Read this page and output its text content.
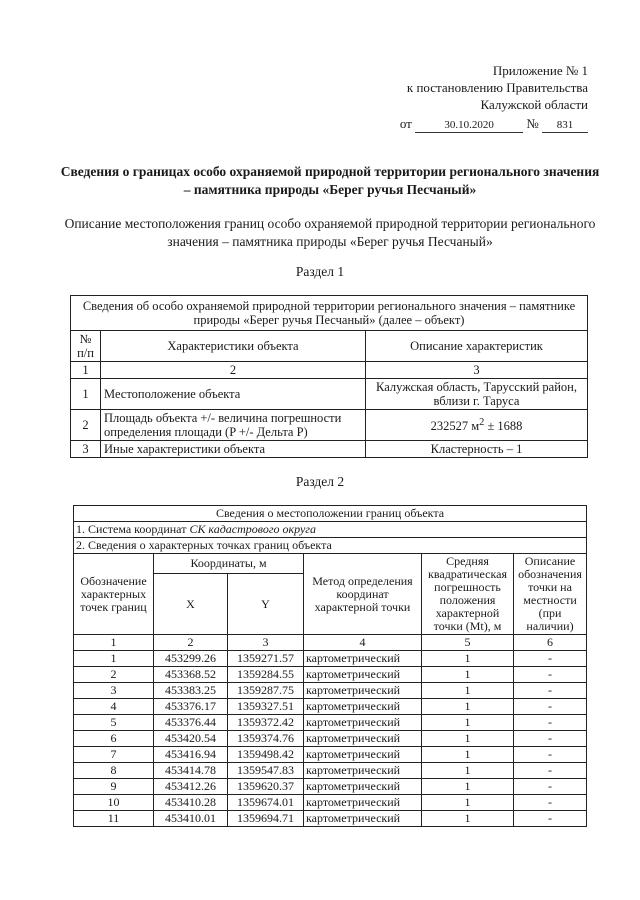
Приложение № 1
к постановлению Правительства
Калужской области
от	30.10.2020	№ 831
Сведения о границах особо охраняемой природной территории регионального значения – памятника природы «Берег ручья Песчаный»
Описание местоположения границ особо охраняемой природной территории регионального значения – памятника природы «Берег ручья Песчаный»
Раздел 1
Сведения об особо охраняемой природной территории регионального значения – памятнике природы «Берег ручья Песчаный» (далее – объект)		
№ п/п	Характеристики объекта	Описание характеристик
1	2	3
1	Местоположение объекта	Калужская область, Тарусский район, вблизи г. Таруса
2	Площадь объекта +/- величина погрешности определения площади (P +/- Дельта P)	232527 $м^2 \pm 1688$
3	Иные характеристики объекта	Кластерность – 1
Раздел 2
Сведения о местоположении границ объекта					
1. Система координат СК кадастрового округа					
2. Сведения о характерных точках границ объекта					
Обозначение характерных точек границ	Координаты, м		Метод определения координат характерной точки	Средняя квадратическая погрешность положения характерной точки (Mt), м	Описание обозначения точки на местности (при наличии)
	X	Y			
1	2	3	4	5	6
1	453299.26	1359271.57	картометрический	1	-
2	453368.52	1359284.55	картометрический	1	-
3	453383.25	1359287.75	картометрический	1	-
4	453376.17	1359327.51	картометрический	1	-
5	453376.44	1359372.42	картометрический	1	-
6	453420.54	1359374.76	картометрический	1	-
7	453416.94	1359498.42	картометрический	1	-
8	453414.78	1359547.83	картометрический	1	-
9	453412.26	1359620.37	картометрический	1	-
10	453410.28	1359674.01	картометрический	1	-
11	453410.01	1359694.71	картометрический	1	-
